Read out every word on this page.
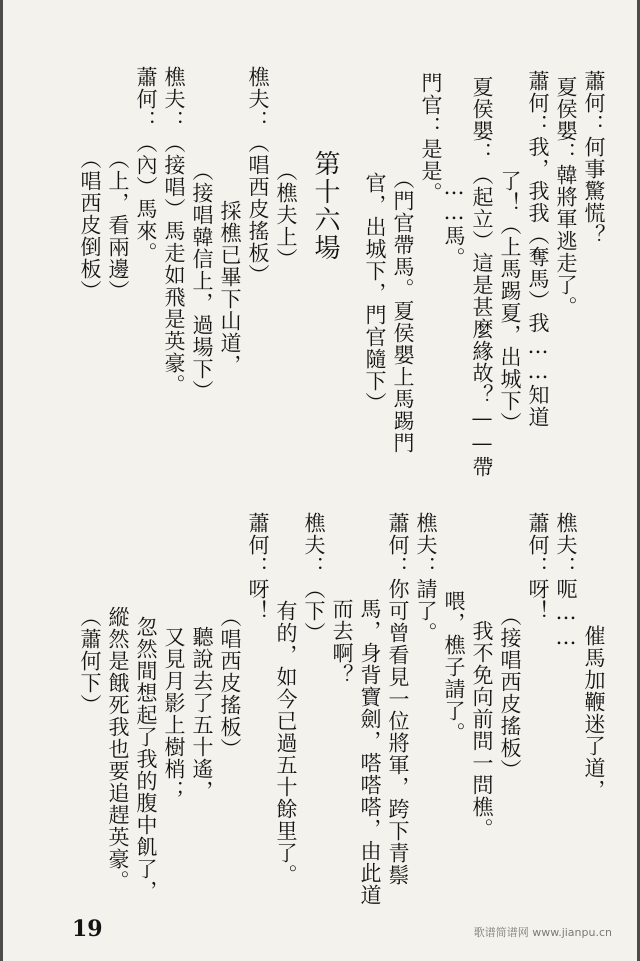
蕭何：何事驚慌？
夏侯嬰：韓將軍逃走了。
蕭何：我，我我（奪馬）我……知道
了！（上馬踢夏，出城下）
夏侯嬰：（起立）這是甚麼緣故？——帶
……馬。
門官：是是。
（門官帶馬。夏侯嬰上馬踢門
官，出城下，門官隨下）
第十六場
（樵夫上）
樵夫：（唱西皮搖板）
採樵已畢下山道，
（接唱韓信上，過場下）
樵夫：（接唱）馬走如飛是英豪。
蕭何：（內）馬來。
（上，看兩邊）
（唱西皮倒板）
催馬加鞭迷了道，
樵夫：呃……
蕭何：呀！
（接唱西皮搖板）
我不免向前問一問樵。
喂，樵子請了。
樵夫：請了。
蕭何：你可曾看見一位將軍，跨下青鬃
馬，身背寶劍，嗒嗒嗒，由此道
而去啊？
樵夫：（下）
有的，如今已過五十餘里了。
蕭何：呀！
（唱西皮搖板）
聽說去了五十遙，
又見月影上樹梢；
忽然間想起了我的腹中飢了，
縱然是餓死我也要追趕英豪。
（蕭何下）
19	歌谱简谱网 www.jianpu.cn
